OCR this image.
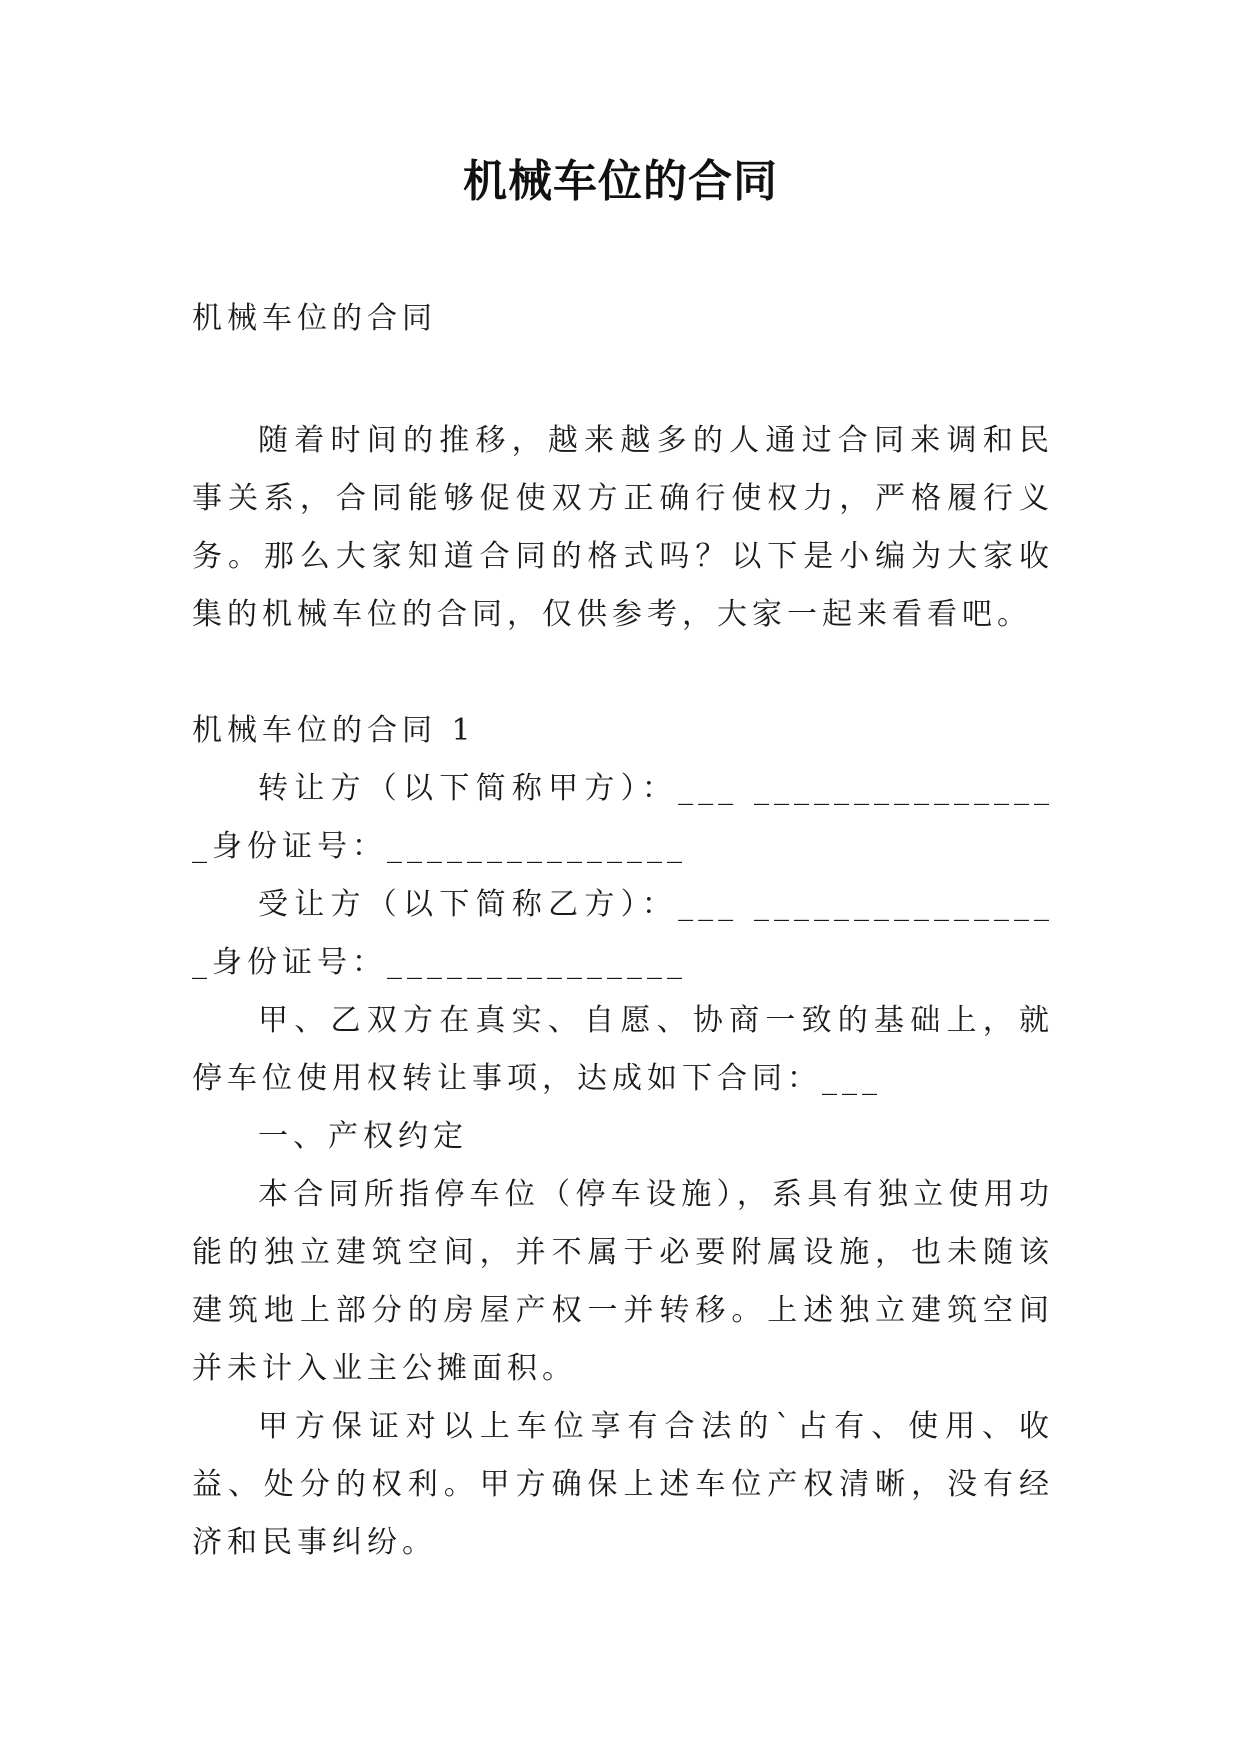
机械车位的合同
机械车位的合同
随着时间的推移，越来越多的人通过合同来调和民事关系，合同能够促使双方正确行使权力，严格履行义务。那么大家知道合同的格式吗？以下是小编为大家收集的机械车位的合同，仅供参考，大家一起来看看吧。
机械车位的合同 1

转让方（以下简称甲方）：___ ________________身份证号：_______________

受让方（以下简称乙方）：___ ________________身份证号：_______________

甲、乙双方在真实、自愿、协商一致的基础上，就停车位使用权转让事项，达成如下合同：___

一、产权约定

本合同所指停车位（停车设施），系具有独立使用功能的独立建筑空间，并不属于必要附属设施，也未随该建筑地上部分的房屋产权一并转移。上述独立建筑空间并未计入业主公摊面积。

甲方保证对以上车位享有合法的`占有、使用、收益、处分的权利。甲方确保上述车位产权清晰，没有经济和民事纠纷。
